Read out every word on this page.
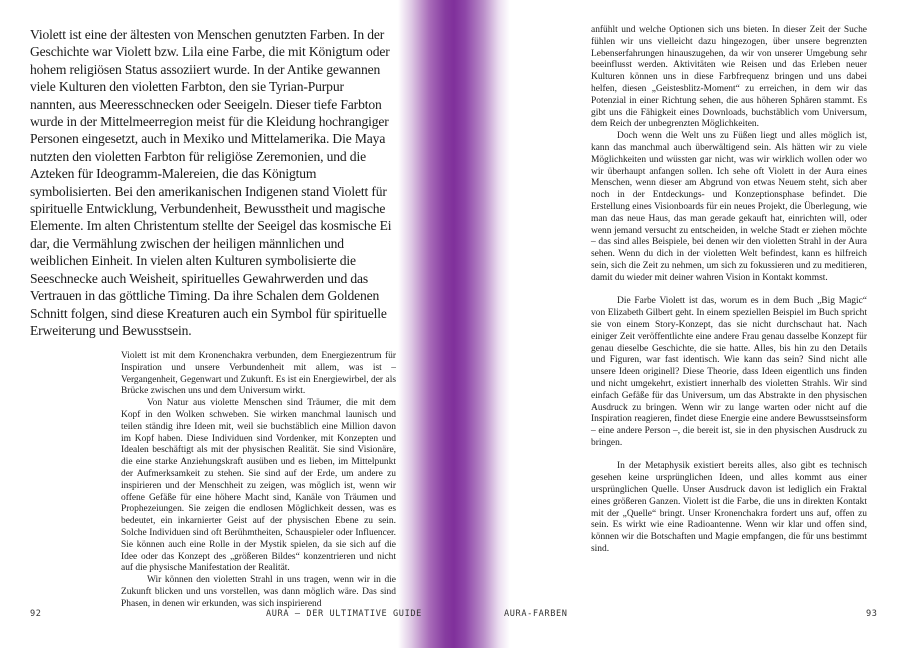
Violett ist eine der ältesten von Menschen genutzten Farben. In der Geschichte war Violett bzw. Lila eine Farbe, die mit Königtum oder hohem religiösen Status assoziiert wurde. In der Antike gewannen viele Kulturen den violetten Farbton, den sie Tyrian-Purpur nannten, aus Meeresschnecken oder Seeigeln. Dieser tiefe Farbton wurde in der Mittelmeerregion meist für die Kleidung hochrangiger Personen eingesetzt, auch in Mexiko und Mittelamerika. Die Maya nutzten den violetten Farbton für religiöse Zeremonien, und die Azteken für Ideogramm-Malereien, die das Königtum symbolisierten. Bei den amerikanischen Indigenen stand Violett für spirituelle Entwicklung, Verbundenheit, Bewusstheit und magische Elemente. Im alten Christentum stellte der Seeigel das kosmische Ei dar, die Vermählung zwischen der heiligen männlichen und weiblichen Einheit. In vielen alten Kulturen symbolisierte die Seeschnecke auch Weisheit, spirituelles Gewahrwerden und das Vertrauen in das göttliche Timing. Da ihre Schalen dem Goldenen Schnitt folgen, sind diese Kreaturen auch ein Symbol für spirituelle Erweiterung und Bewusstsein.

Violett ist mit dem Kronenchakra verbunden, dem Energiezentrum für Inspiration und unsere Verbundenheit mit allem, was ist – Vergangenheit, Gegenwart und Zukunft. Es ist ein Energiewirbel, der als Brücke zwischen uns und dem Universum wirkt.

Von Natur aus violette Menschen sind Träumer, die mit dem Kopf in den Wolken schweben. Sie wirken manchmal launisch und teilen ständig ihre Ideen mit, weil sie buchstäblich eine Million davon im Kopf haben. Diese Individuen sind Vordenker, mit Konzepten und Idealen beschäftigt als mit der physischen Realität. Sie sind Visionäre, die eine starke Anziehungskraft ausüben und es lieben, im Mittelpunkt der Aufmerksamkeit zu stehen. Sie sind auf der Erde, um andere zu inspirieren und der Menschheit zu zeigen, was möglich ist, wenn wir offene Gefäße für eine höhere Macht sind, Kanäle von Träumen und Prophezeiungen. Sie zeigen die endlosen Möglichkeit dessen, was es bedeutet, ein inkarnierter Geist auf der physischen Ebene zu sein. Solche Individuen sind oft Berühmtheiten, Schauspieler oder Influencer. Sie können auch eine Rolle in der Mystik spielen, da sie sich auf die Idee oder das Konzept des „größeren Bildes“ konzentrieren und nicht auf die physische Manifestation der Realität.

Wir können den violetten Strahl in uns tragen, wenn wir in die Zukunft blicken und uns vorstellen, was dann möglich wäre. Das sind Phasen, in denen wir erkunden, was sich inspirierend

92	AURA – DER ULTIMATIVE GUIDE

anfühlt und welche Optionen sich uns bieten. In dieser Zeit der Suche fühlen wir uns vielleicht dazu hingezogen, über unsere begrenzten Lebenserfahrungen hinauszugehen, da wir von unserer Umgebung sehr beeinflusst werden. Aktivitäten wie Reisen und das Erleben neuer Kulturen können uns in diese Farbfrequenz bringen und uns dabei helfen, diesen „Geistesblitz-Moment“ zu erreichen, in dem wir das Potenzial in einer Richtung sehen, die aus höheren Sphären stammt. Es gibt uns die Fähigkeit eines Downloads, buchstäblich vom Universum, dem Reich der unbegrenzten Möglichkeiten.

Doch wenn die Welt uns zu Füßen liegt und alles möglich ist, kann das manchmal auch überwältigend sein. Als hätten wir zu viele Möglichkeiten und wüssten gar nicht, was wir wirklich wollen oder wo wir überhaupt anfangen sollen. Ich sehe oft Violett in der Aura eines Menschen, wenn dieser am Abgrund von etwas Neuem steht, sich aber noch in der Entdeckungs- und Konzeptionsphase befindet. Die Erstellung eines Visionboards für ein neues Projekt, die Überlegung, wie man das neue Haus, das man gerade gekauft hat, einrichten will, oder wenn jemand versucht zu entscheiden, in welche Stadt er ziehen möchte – das sind alles Beispiele, bei denen wir den violetten Strahl in der Aura sehen. Wenn du dich in der violetten Welt befindest, kann es hilfreich sein, sich die Zeit zu nehmen, um sich zu fokussieren und zu meditieren, damit du wieder mit deiner wahren Vision in Kontakt kommst.

Die Farbe Violett ist das, worum es in dem Buch „Big Magic“ von Elizabeth Gilbert geht. In einem speziellen Beispiel im Buch spricht sie von einem Story-Konzept, das sie nicht durchschaut hat. Nach einiger Zeit veröffentlichte eine andere Frau genau dasselbe Konzept für genau dieselbe Geschichte, die sie hatte. Alles, bis hin zu den Details und Figuren, war fast identisch. Wie kann das sein? Sind nicht alle unsere Ideen originell? Diese Theorie, dass Ideen eigentlich uns finden und nicht umgekehrt, existiert innerhalb des violetten Strahls. Wir sind einfach Gefäße für das Universum, um das Abstrakte in den physischen Ausdruck zu bringen. Wenn wir zu lange warten oder nicht auf die Inspiration reagieren, findet diese Energie eine andere Bewusstseinsform – eine andere Person –, die bereit ist, sie in den physischen Ausdruck zu bringen.

In der Metaphysik existiert bereits alles, also gibt es technisch gesehen keine ursprünglichen Ideen, und alles kommt aus einer ursprünglichen Quelle. Unser Ausdruck davon ist lediglich ein Fraktal eines größeren Ganzen. Violett ist die Farbe, die uns in direkten Kontakt mit der „Quelle“ bringt. Unser Kronenchakra fordert uns auf, offen zu sein. Es wirkt wie eine Radioantenne. Wenn wir klar und offen sind, können wir die Botschaften und Magie empfangen, die für uns bestimmt sind.

AURA-FARBEN	93
